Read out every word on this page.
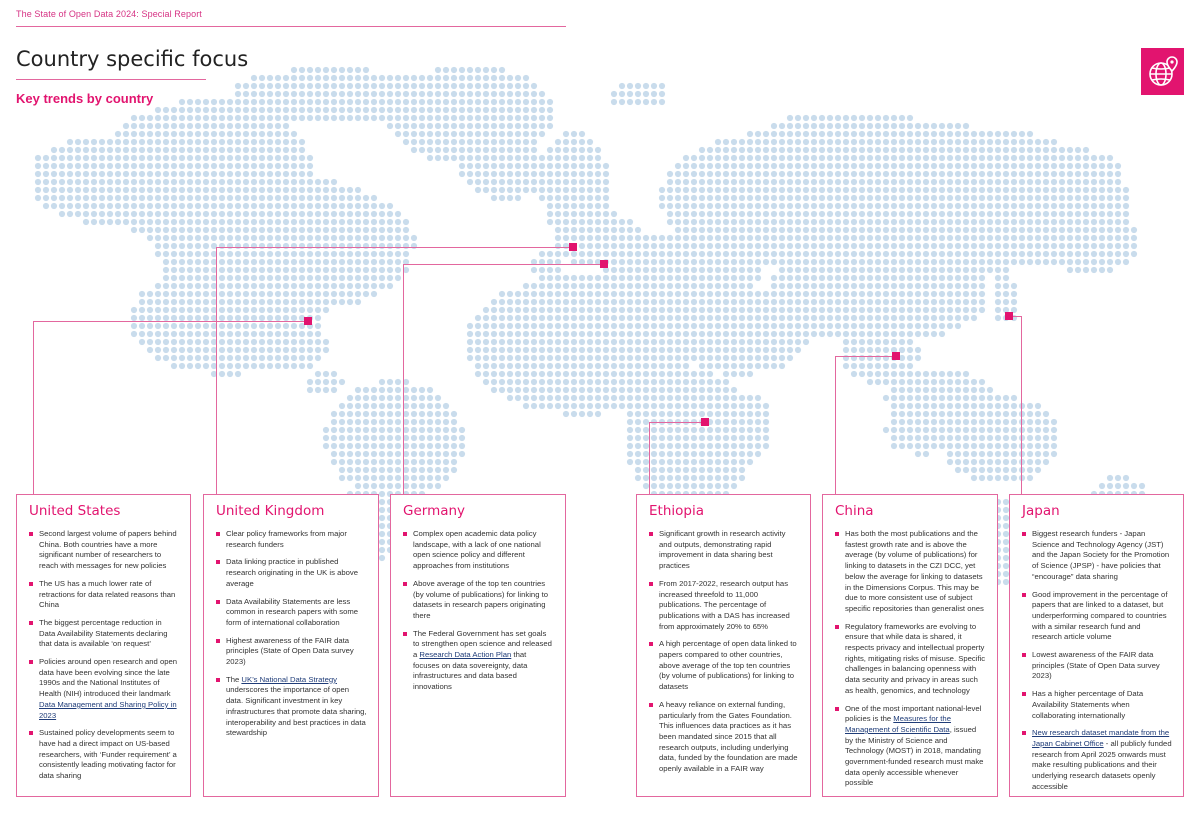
The State of Open Data 2024: Special Report
Country specific focus
Key trends by country
United States
Second largest volume of papers behind China. Both countries have a more significant number of researchers to reach with messages for new policies
The US has a much lower rate of retractions for data related reasons than China
The biggest percentage reduction in Data Availability Statements declaring that data is available ‘on request’
Policies around open research and open data have been evolving since the late 1990s and the National Institutes of Health (NIH) introduced their landmark Data Management and Sharing Policy in 2023
Sustained policy developments seem to have had a direct impact on US-based researchers, with ‘Funder requirement’ a consistently leading motivating factor for data sharing
United Kingdom
Clear policy frameworks from major research funders
Data linking practice in published research originating in the UK is above average
Data Availability Statements are less common in research papers with some form of international collaboration
Highest awareness of the FAIR data principles (State of Open Data survey 2023)
The UK’s National Data Strategy underscores the importance of open data. Significant investment in key infrastructures that promote data sharing, interoperability and best practices in data stewardship
Germany
Complex open academic data policy landscape, with a lack of one national open science policy and different approaches from institutions
Above average of the top ten countries (by volume of publications) for linking to datasets in research papers originating there
The Federal Government has set goals to strengthen open science and released a Research Data Action Plan that focuses on data sovereignty, data infrastructures and data based innovations
Ethiopia
Significant growth in research activity and outputs, demonstrating rapid improvement in data sharing best practices
From 2017-2022, research output has increased threefold to 11,000 publications. The percentage of publications with a DAS has increased from approximately 20% to 65%
A high percentage of open data linked to papers compared to other countries, above average of the top ten countries (by volume of publications) for linking to datasets
A heavy reliance on external funding, particularly from the Gates Foundation. This influences data practices as it has been mandated since 2015 that all research outputs, including underlying data, funded by the foundation are made openly available in a FAIR way
China
Has both the most publications and the fastest growth rate and is above the average (by volume of publications) for linking to datasets in the CZI DCC, yet below the average for linking to datasets in the Dimensions Corpus. This may be due to more consistent use of subject specific repositories than generalist ones
Regulatory frameworks are evolving to ensure that while data is shared, it respects privacy and intellectual property rights, mitigating risks of misuse. Specific challenges in balancing openness with data security and privacy in areas such as health, genomics, and technology
One of the most important national-level policies is the Measures for the Management of Scientific Data, issued by the Ministry of Science and Technology (MOST) in 2018, mandating government-funded research must make data openly accessible whenever possible
Japan
Biggest research funders - Japan Science and Technology Agency (JST) and the Japan Society for the Promotion of Science (JPSP) - have policies that “encourage” data sharing
Good improvement in the percentage of papers that are linked to a dataset, but underperforming compared to countries with a similar research fund and research article volume
Lowest awareness of the FAIR data principles (State of Open Data survey 2023)
Has a higher percentage of Data Availability Statements when collaborating internationally
New research dataset mandate from the Japan Cabinet Office - all publicly funded research from April 2025 onwards must make resulting publications and their underlying research datasets openly accessible
